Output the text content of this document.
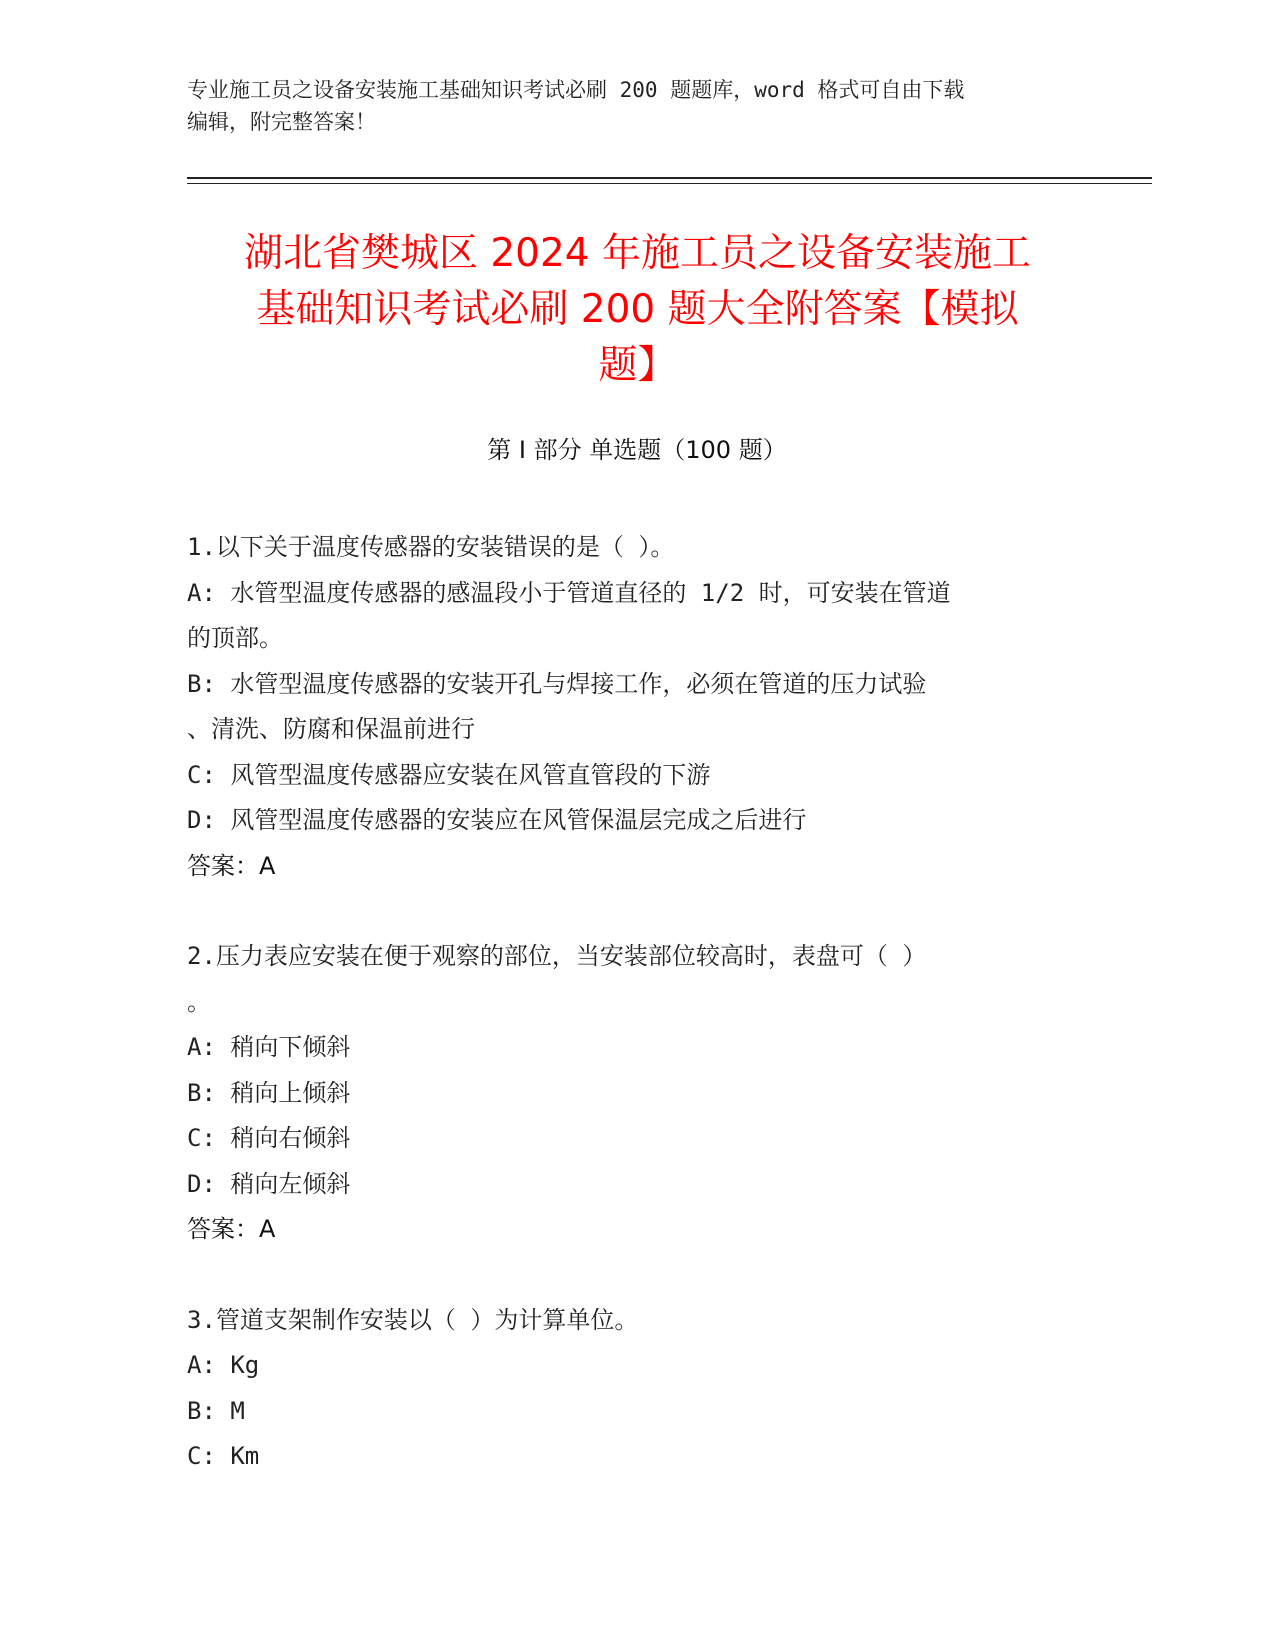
专业施工员之设备安装施工基础知识考试必刷 200 题题库，word 格式可自由下载
编辑，附完整答案！
湖北省樊城区 2024 年施工员之设备安装施工
基础知识考试必刷 200 题大全附答案【模拟
题】
第 I 部分 单选题（100 题）

1.以下关于温度传感器的安装错误的是（ ）。

A: 水管型温度传感器的感温段小于管道直径的 1/2 时，可安装在管道

的顶部。

B: 水管型温度传感器的安装开孔与焊接工作，必须在管道的压力试验

、清洗、防腐和保温前进行

C: 风管型温度传感器应安装在风管直管段的下游

D: 风管型温度传感器的安装应在风管保温层完成之后进行

答案：A

2.压力表应安装在便于观察的部位，当安装部位较高时，表盘可（ ）

。

A: 稍向下倾斜

B: 稍向上倾斜

C: 稍向右倾斜

D: 稍向左倾斜

答案：A

3.管道支架制作安装以（ ）为计算单位。

A: Kg

B: M

C: Km
